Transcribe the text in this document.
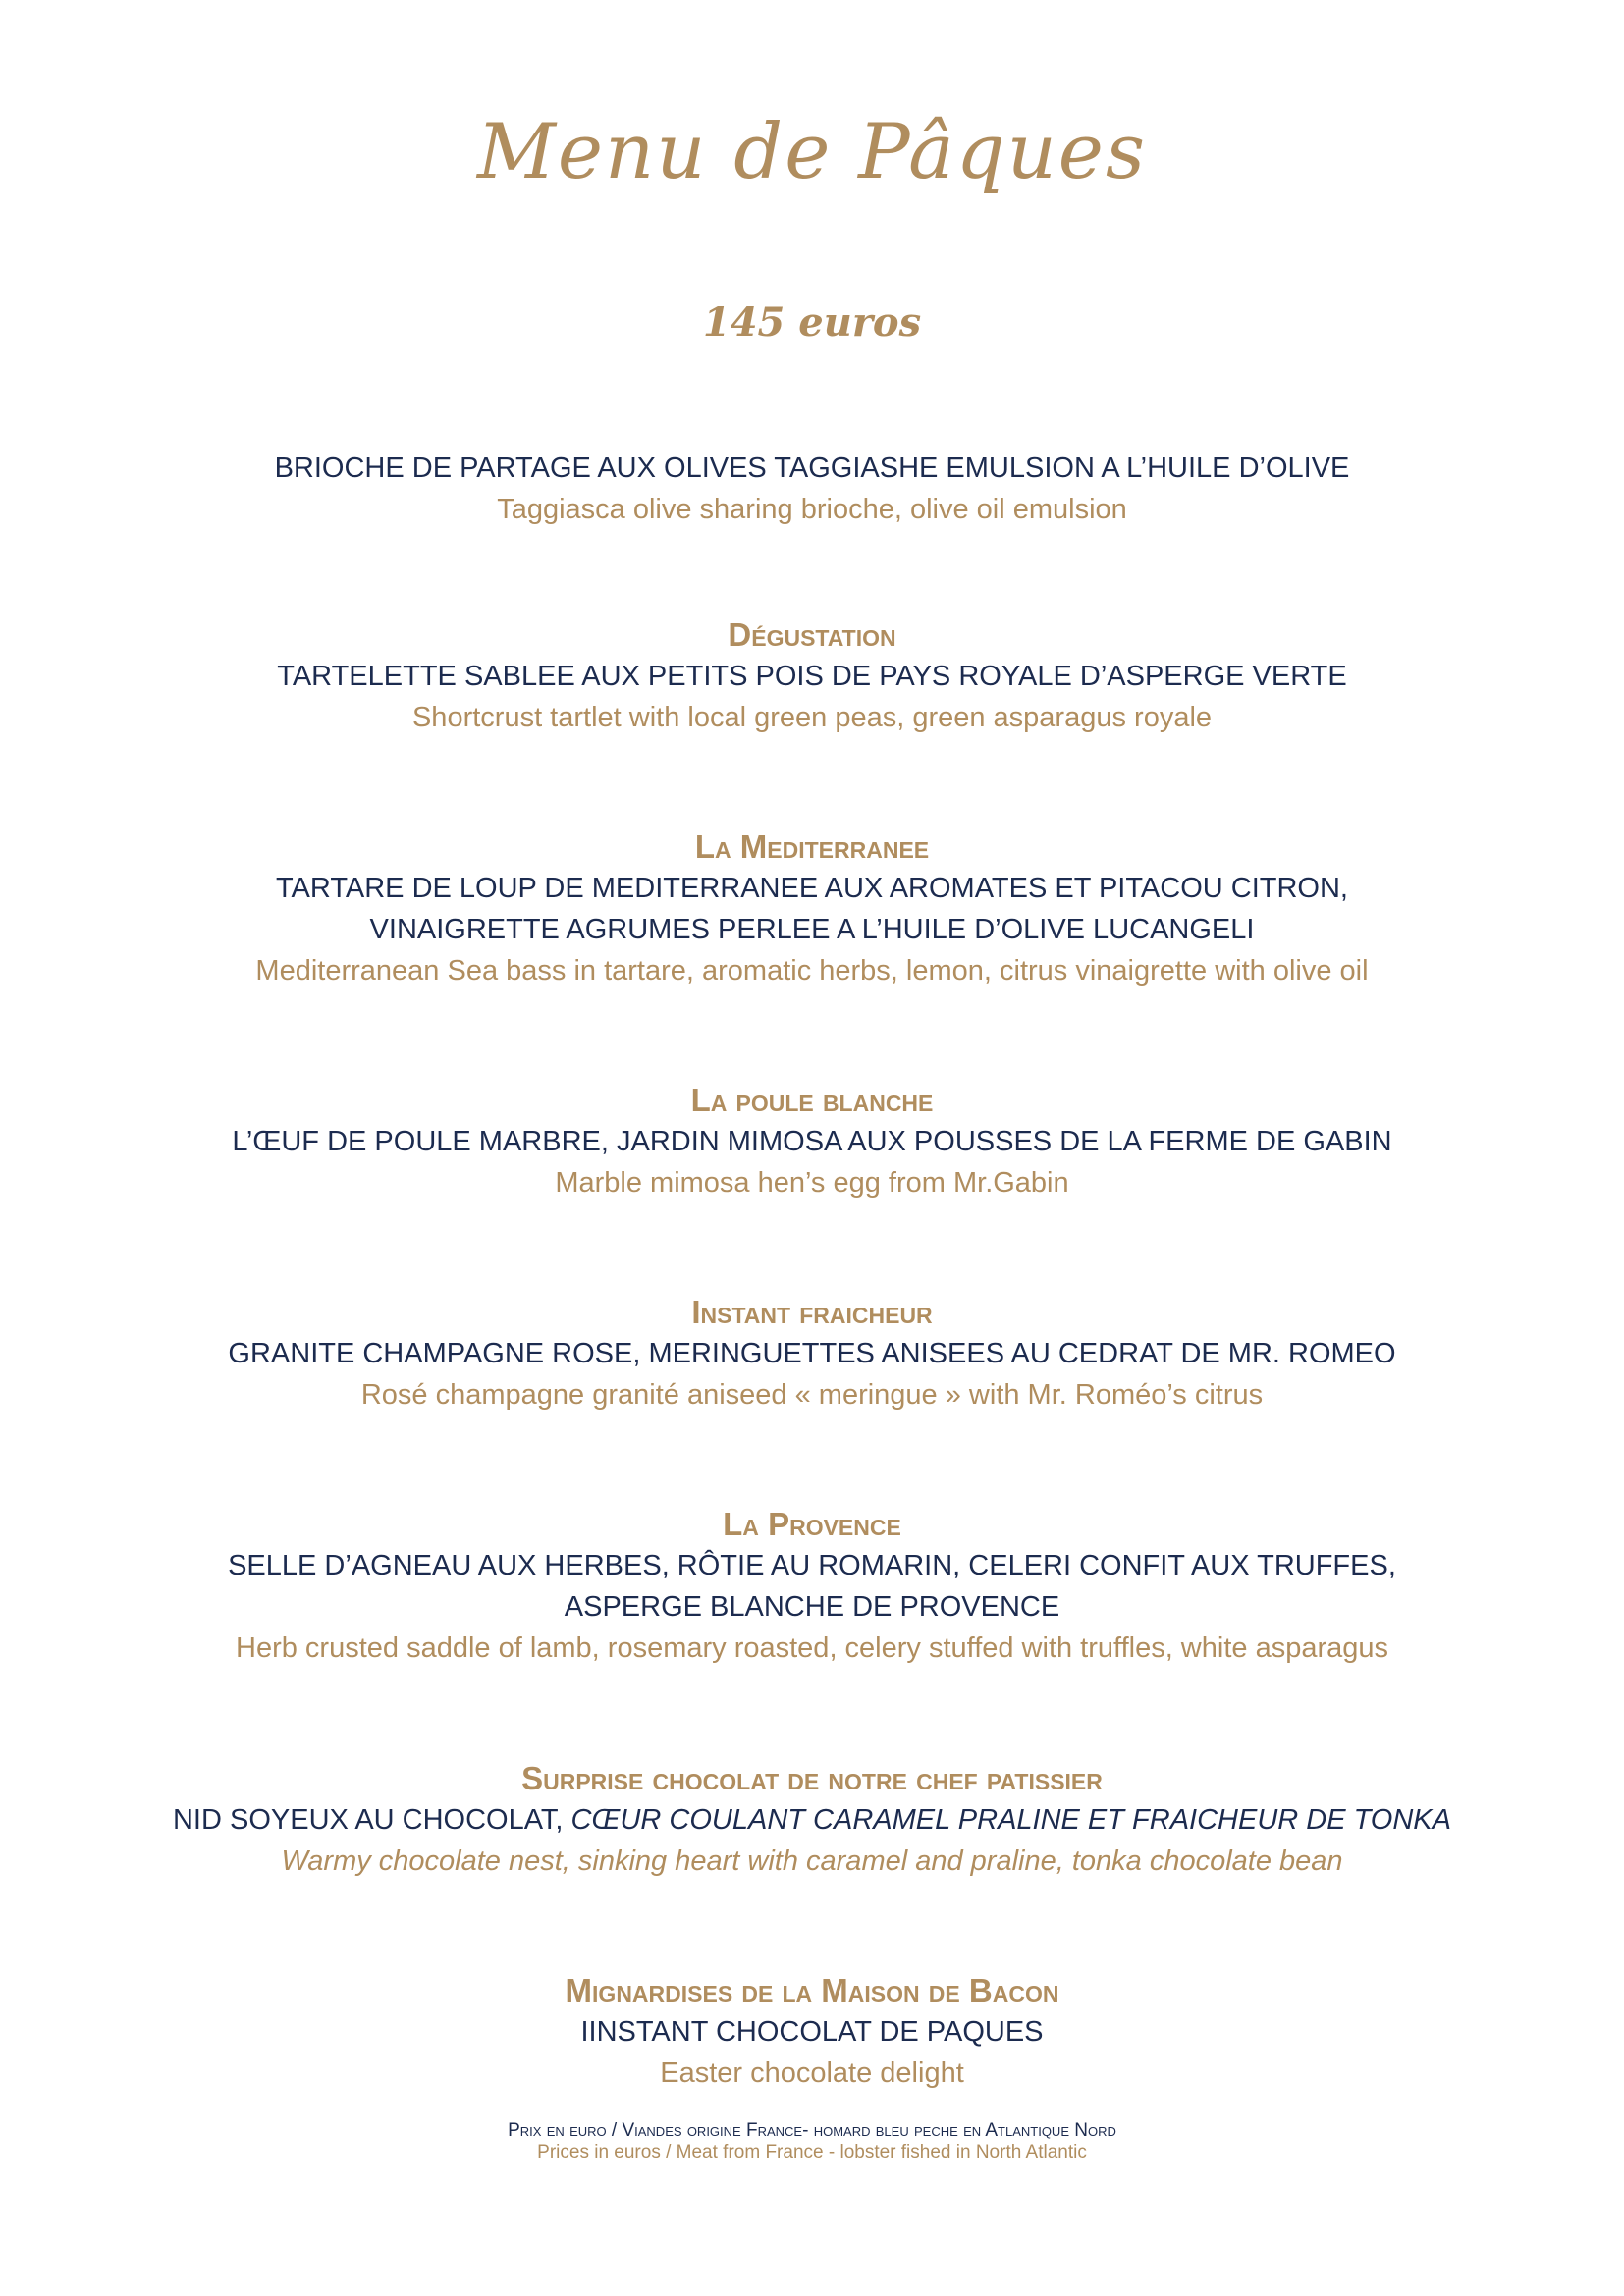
Menu de Pâques
145 euros
BRIOCHE DE PARTAGE AUX OLIVES TAGGIASHE EMULSION A L’HUILE D’OLIVE
Taggiasca olive sharing brioche, olive oil emulsion
Dégustation
TARTELETTE SABLEE AUX PETITS POIS DE PAYS ROYALE D’ASPERGE VERTE
Shortcrust tartlet with local green peas, green asparagus royale
La Mediterranee
TARTARE DE LOUP DE MEDITERRANEE AUX AROMATES ET PITACOU CITRON,
VINAIGRETTE AGRUMES PERLEE A L’HUILE D’OLIVE LUCANGELI
Mediterranean Sea bass in tartare, aromatic herbs, lemon, citrus vinaigrette with olive oil
La poule blanche
L’ŒUF DE POULE MARBRE, JARDIN MIMOSA AUX POUSSES DE LA FERME DE GABIN
Marble mimosa hen’s egg from Mr.Gabin
Instant fraicheur
GRANITE CHAMPAGNE ROSE, MERINGUETTES ANISEES AU CEDRAT DE MR. ROMEO
Rosé champagne granité aniseed « meringue » with Mr. Roméo’s citrus
La Provence
SELLE D’AGNEAU AUX HERBES, RÔTIE AU ROMARIN, CELERI CONFIT AUX TRUFFES,
ASPERGE BLANCHE DE PROVENCE
Herb crusted saddle of lamb, rosemary roasted, celery stuffed with truffles, white asparagus
Surprise chocolat de notre chef patissier
NID SOYEUX AU CHOCOLAT, CŒUR COULANT CARAMEL PRALINE ET FRAICHEUR DE TONKA
Warmy chocolate nest, sinking heart with caramel and praline, tonka chocolate bean
Mignardises de la Maison de Bacon
IINSTANT CHOCOLAT DE PAQUES
Easter chocolate delight
Prix en euro / Viandes origine France- homard bleu peche en Atlantique Nord
Prices in euros / Meat from France - lobster fished in North Atlantic
